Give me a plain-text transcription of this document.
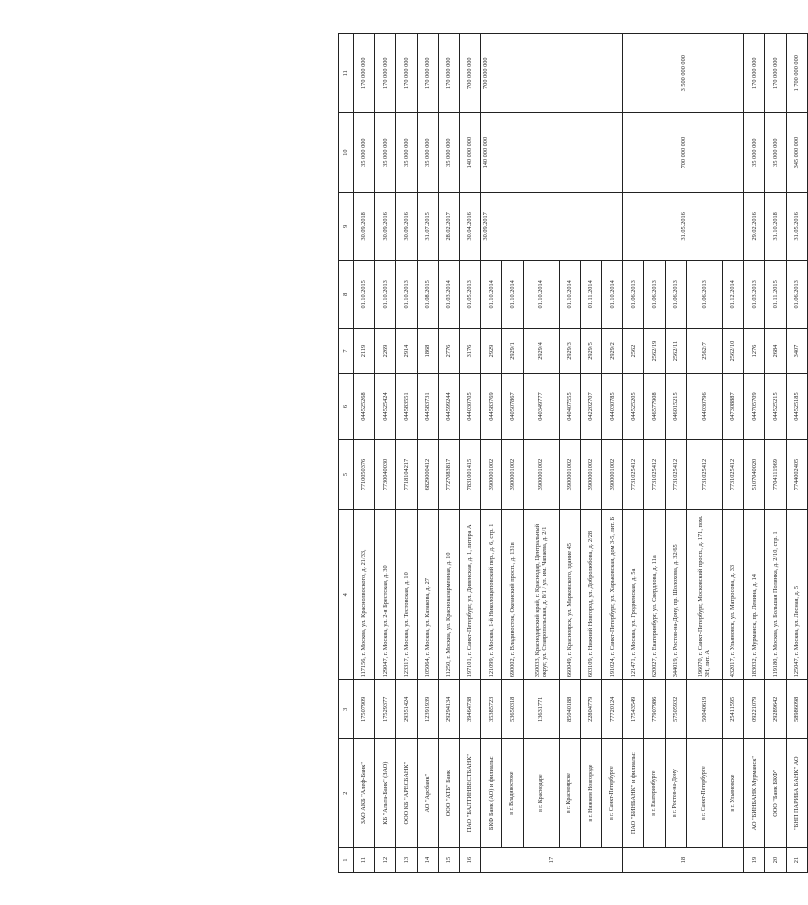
1	2	3	4	5	6	7	8	9	10	11
11	ЗАО АКБ "Алеф-Банк"	17507909	117156, г. Москва, ул. Краснолвоского, д. 21/33,	7710050376	044525268	2119	01.10.2015	30.09.2018	35 000 000	170 000 000
12	КБ "Альта-Банк" (ЗАО)	17529377	129047, г. Москва, ул. 2-я Брестская, д. 30	7730040030	044525424	2269	01.10.2013	30.09.2016	35 000 000	170 000 000
13	ООО КБ "АРЕСБАНК"	29351424	123317, г. Москва, ул. Тестовская, д. 10	7718104217	044583551	2914	01.10.2013	30.09.2016	35 000 000	170 000 000
14	АО "Арсбанк"	12391939	105064, г. Москва, ул. Казакова, д. 27	6829000412	044583731	1868	01.08.2015	31.07.2015	35 000 000	170 000 000
15	ООО "АТБ" Банк	29294134	11250, г. Москва, ул. Красноказарменная, д. 10	7727083817	044599244	2776	01.03.2014	28.02.2017	35 000 000	170 000 000
16	ПАО "БАЛТИНВЕСТБАНК"	39464738	197101, г. Санкт-Петербург, ул. Дивенская, д. 1, литера А	7831001415	044030705	3176	01.05.2013	30.04.2016	140 000 000	700 000 000
17	БКФ Банк (АО) и филиалы:	35385723	121099, г. Москва, 1-й Николощеповский пер., д. 6, стр. 1	3900001002	044583769	2929	01.10.2014	30.09.2017	140 000 000	700 000 000
	в г. Владивостоке	53650318	690002, г. Владивосток, Океанский просп., д. 131в	3900001002	040507867	2929/1	01.10.2014			
	в г. Краснодаре	13631771	350033, Краснодарский край, г. Краснодар, Центральный округ, ул. Ставропольская, д. 8/1 / ул. им. Чапаева, д. 2/1	3900001002	040349777	2929/4	01.10.2014			
	в г. Красноярске	85040188	660049, г. Красноярск, ул. Марковского, здание 45	3900001002	040407555	2929/3	01.10.2014			
	в г. Нижнем Новгороде	22804779	603109, г. Нижний Новгород, ул. Добролюбова, д. 2/28	3900001002	042202707	2929/5	01.11.2014			
	в г. Санкт-Петербурге	77720124	191024, г. Санкт-Петербург, ул. Харьковская, дом 3-5, лит. Б	3900001002	044030785	2929/2	01.10.2014			
18	ПАО "БИНБАНК" и филиалы:	17543549	121471, г. Москва, ул. Гродненская, д. 5а	7731025412	044525205	2562	01.06.2013	31.05.2016	700 000 000	3 500 000 000
	в г. Екатеринбурге	77907986	620027, г. Екатеринбург, ул. Свердлова, д. 11а	7731025412	046577908	2562/19	01.06.2013			
	в г. Ростов-на-Дону	57505932	344019, г. Ростов-на-Дону, пр. Шолохова, д. 32/65	7731025412	046015215	2562/11	01.06.2013			
	в г. Санкт-Петербурге	50040619	196070, г. Санкт-Петербург, Московский просп., д. 171, пом. 3Н, лит. А	7731025412	044030796	2562/7	01.06.2013			
	в г. Ульяновске	25411595	432017, г. Ульяновск, ул. Матросова, д. 33	7731025412	047308887	2562/10	01.12.2014			
19	АО "БИНБАНК Мурманск"	09221079	183032, г. Мурманск, пр. Ленина, д. 14	5107040020	044705709	1276	01.03.2013	29.02.2016	35 000 000	170 000 000
20	ООО "Банк БКФ"	29289642	119180, г. Москва, ул. Большая Полянка, д. 2/10, стр. 1	7704111969	044525215	2684	01.11.2015	31.10.2018	35 000 000	170 000 000
21	"БНП ПАРИБА БАНК" АО	58986098	125047, г. Москва, ул. Лесная, д. 5	7744002405	044525185	3407	01.06.2013	31.05.2016	345 000 000	1 700 000 000
